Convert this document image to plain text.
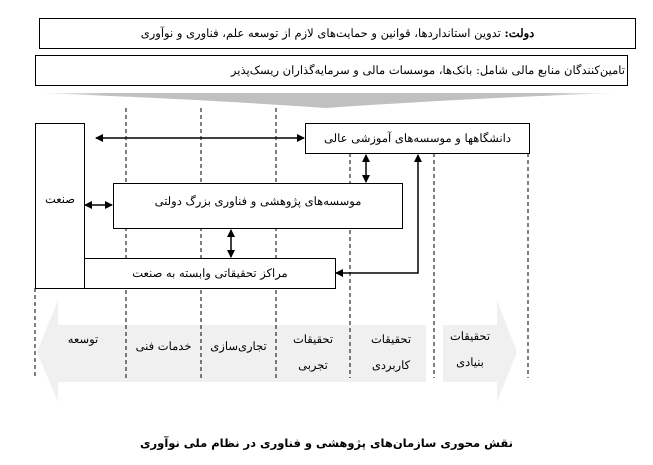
دولت: تدوین استانداردها، قوانین و حمایت‌های لازم از توسعه علم، فناوری و نوآوری
تامین‌کنندگان منابع مالی شامل: بانک‌ها، موسسات مالی و سرمایه‌گذاران ریسک‌پذیر
صنعت
دانشگاهها و موسسه‌های آموزشی عالی
موسسه‌های پژوهشی و فناوری بزرگ دولتی
مراکز تحقیقاتی وابسته به صنعت
تحقیقات
بنیادی
تحقیقات
کاربردی
تحقیقات
تجربی
تجاری‌سازی
خدمات فنی
توسعه
نقش محوری سازمان‌های پژوهشی و فناوری در نظام ملی نوآوری
